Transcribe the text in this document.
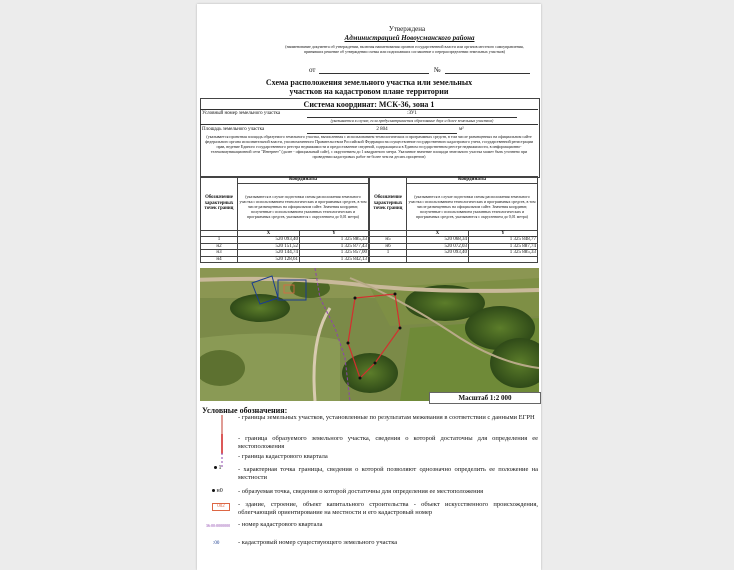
Утверждена
Администрацией Новоусманского района
(наименование документа об утверждении, включая наименования органов государственной власти или органов местного самоуправления, принявших решение об утверждении схемы или подписавших соглашение о перераспределении земельных участков)
от	№
Схема расположения земельного участка или земельных
участков на кадастровом плане территории
Система координат: МСК-36, зона 1
Условный номер земельного участка	:ЗУ1
(указывается в случае, если предусматривается образование двух и более земельных участков)
Площадь земельного участка	2 804	м²
(указывается проектная площадь образуемого земельного участка, вычисленная с использованием технологических и программных средств, в том числе размещенных на официальном сайте федерального органа исполнительной власти, уполномоченного Правительством Российской Федерации на осуществление государственного кадастрового учета, государственной регистрации прав, ведение Единого государственного реестра недвижимости и предоставление сведений, содержащихся в Едином государственном реестре недвижимости, в информационно-телекоммуникационной сети "Интернет" (далее - официальный сайт), с округлением до 1 квадратного метра. Указанное значение площади земельного участка может быть уточнено при проведении кадастровых работ не более чем на десять процентов)
Обозначение характерных точек границ	Координаты	
	(указываются в случае подготовки схемы расположения земельного участка с использованием технологических и программных средств, в том числе размещенных на официальном сайте. Значения координат, полученные с использованием указанных технологических и программных средств, указываются с округлением до 0,01 метра)	
	X	Y
1	520 093,40	1 325 885,33
н2	520 151,52	1 325 877,43
н3	520 144,74	1 325 857,00
н4	520 128,61	1 325 842,13
Обозначение характерных точек границ	Координаты	
	(указываются в случае подготовки схемы расположения земельного участка с использованием технологических и программных средств, в том числе размещенных на официальном сайте. Значения координат, полученные с использованием указанных технологических и программных средств, указываются с округлением до 0,01 метра)	
	X	Y
н5	520 068,34	1 325 848,77
н6	520 072,03	1 325 887,74
1	520 093,40	1 325 885,33

Масштаб 1:2 000
Условные обозначения:
- границы земельных участков, установленные по результатам межевания в соответствии с данными ЕГРН
- граница образуемого земельного участка, сведения о которой достаточны для определения ее местоположения
- граница кадастрового квартала
1	- характерная точка границы, сведения о которой позволяют однозначно определить ее положение на местности
н0 - образуемая точка, сведения о которой достаточны для определения ее местоположения
002	- здание, строение, объект капитального строительства - объект искусственного происхождения, облегчающий ориентирование на местности и его кадастровый номер
36:00:0000000	- номер кадастрового квартала
:00	- кадастровый номер существующего земельного участка
